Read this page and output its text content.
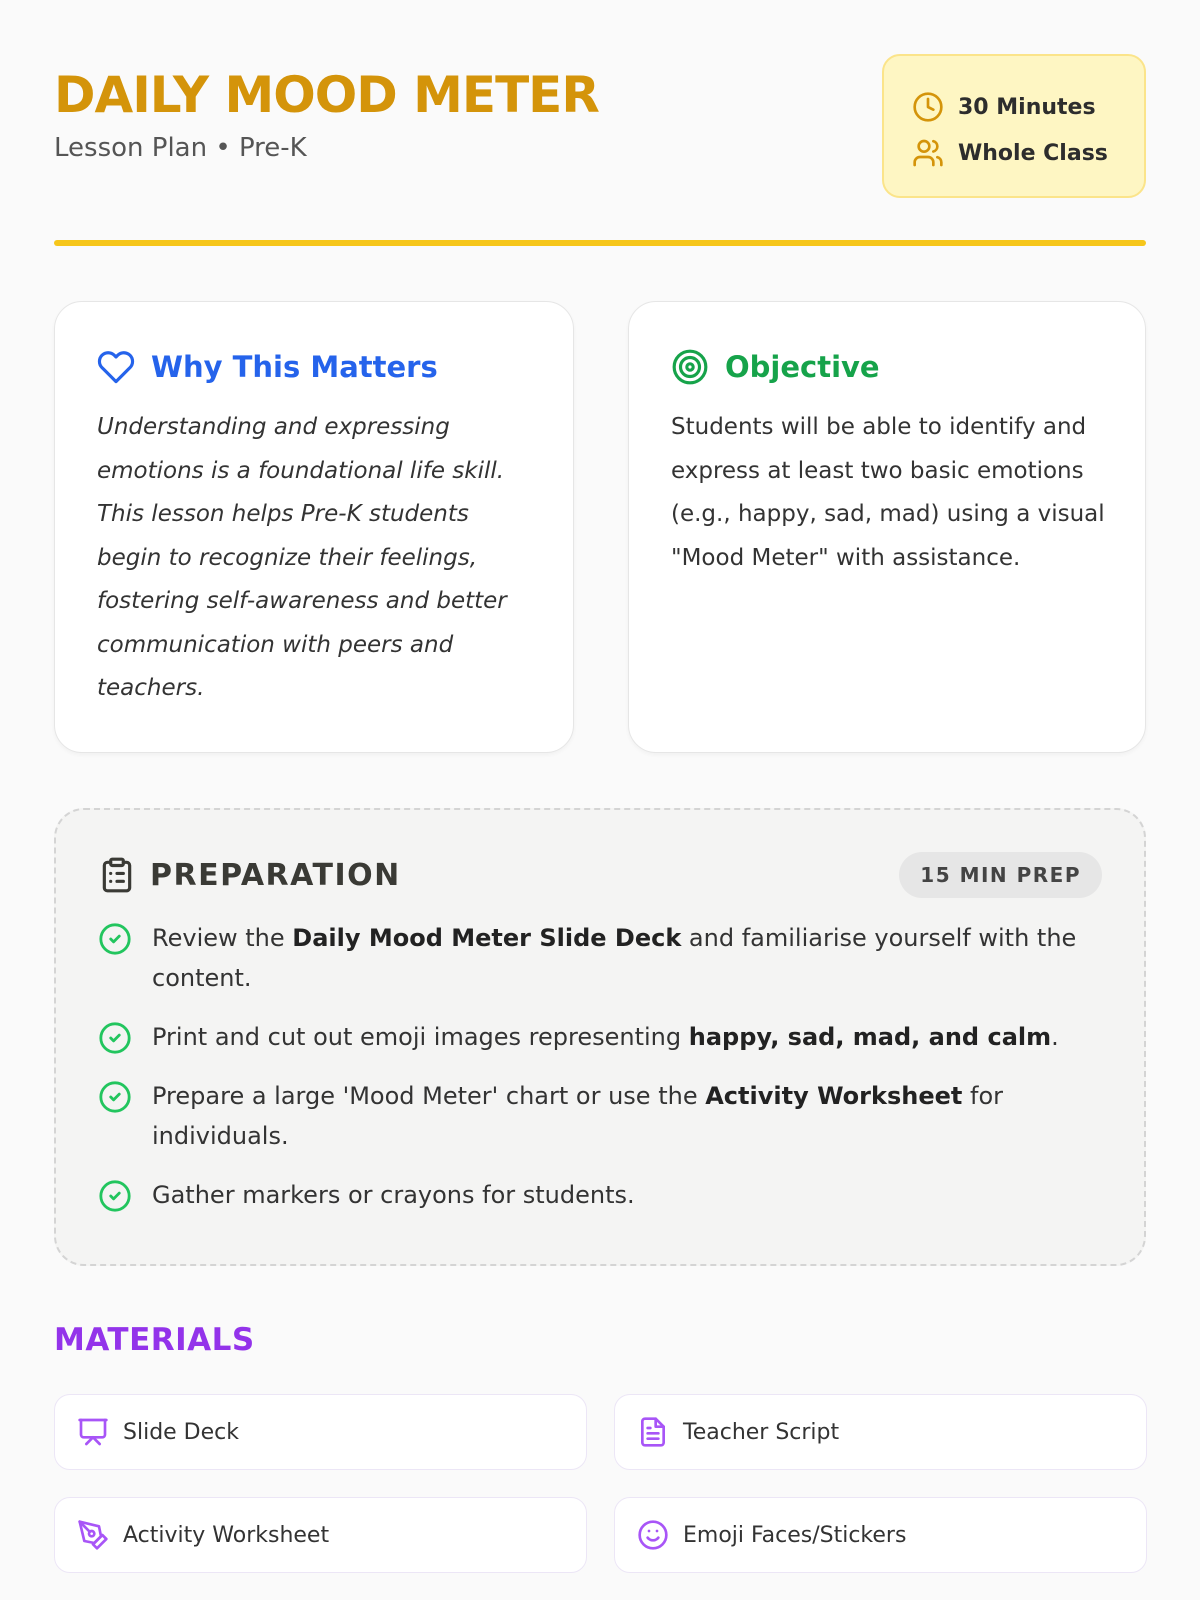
DAILY MOOD METER
Lesson Plan • Pre-K
30 Minutes
Whole Class
Why This Matters

Understanding and expressing emotions is a foundational life skill. This lesson helps Pre-K students begin to recognize their feelings, fostering self-awareness and better communication with peers and teachers.

Objective

Students will be able to identify and express at least two basic emotions (e.g., happy, sad, mad) using a visual "Mood Meter" with assistance.

PREPARATION	15 MIN PREP

Review the Daily Mood Meter Slide Deck and familiarise yourself with the content.

Print and cut out emoji images representing happy, sad, mad, and calm.

Prepare a large 'Mood Meter' chart or use the Activity Worksheet for individuals.

Gather markers or crayons for students.

MATERIALS
Slide Deck	Teacher Script
Activity Worksheet	Emoji Faces/Stickers
